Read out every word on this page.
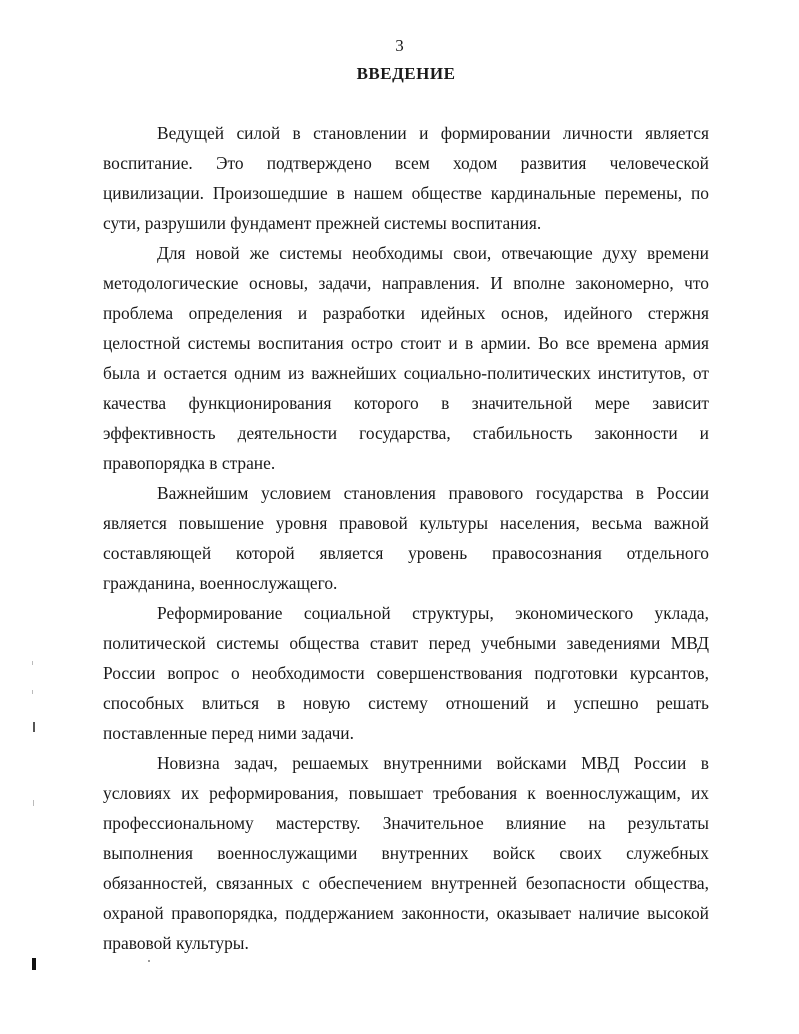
3
ВВЕДЕНИЕ
Ведущей силой в становлении и формировании личности является
воспитание. Это подтверждено всем ходом развития человеческой
цивилизации. Произошедшие в нашем обществе кардинальные перемены, по
сути, разрушили фундамент прежней системы воспитания.
Для новой же системы необходимы свои, отвечающие духу времени
методологические основы, задачи, направления. И вполне закономерно, что
проблема определения и разработки идейных основ, идейного стержня
целостной системы воспитания остро стоит и в армии. Во все времена армия
была и остается одним из важнейших социально-политических институтов, от
качества функционирования которого в значительной мере зависит
эффективность деятельности государства, стабильность законности и
правопорядка в стране.
Важнейшим условием становления правового государства в России
является повышение уровня правовой культуры населения, весьма важной
составляющей которой является уровень правосознания отдельного
гражданина, военнослужащего.
Реформирование социальной структуры, экономического уклада,
политической системы общества ставит перед учебными заведениями МВД
России вопрос о необходимости совершенствования подготовки курсантов,
способных влиться в новую систему отношений и успешно решать
поставленные перед ними задачи.
Новизна задач, решаемых внутренними войсками МВД России в
условиях их реформирования, повышает требования к военнослужащим, их
профессиональному мастерству. Значительное влияние на результаты
выполнения военнослужащими внутренних войск своих служебных
обязанностей, связанных с обеспечением внутренней безопасности общества,
охраной правопорядка, поддержанием законности, оказывает наличие высокой
правовой культуры.
